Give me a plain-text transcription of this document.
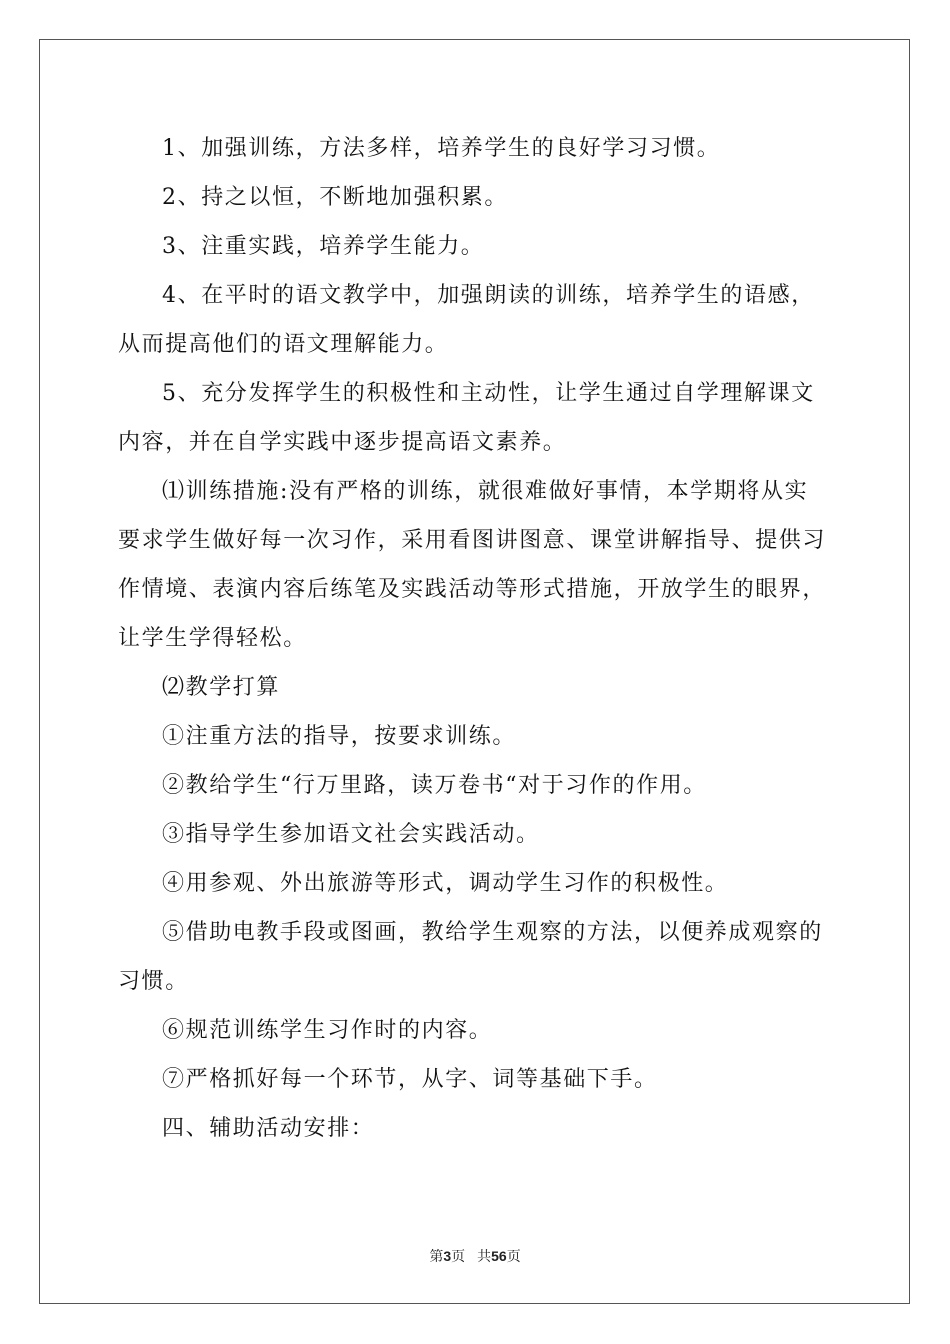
1、加强训练，方法多样，培养学生的良好学习习惯。

2、持之以恒，不断地加强积累。

3、注重实践，培养学生能力。

4、在平时的语文教学中，加强朗读的训练，培养学生的语感，
从而提高他们的语文理解能力。

5、充分发挥学生的积极性和主动性，让学生通过自学理解课文
内容，并在自学实践中逐步提高语文素养。

⑴训练措施:没有严格的训练，就很难做好事情，本学期将从实
要求学生做好每一次习作，采用看图讲图意、课堂讲解指导、提供习
作情境、表演内容后练笔及实践活动等形式措施，开放学生的眼界，
让学生学得轻松。

⑵教学打算

①注重方法的指导，按要求训练。

②教给学生“行万里路，读万卷书“对于习作的作用。

③指导学生参加语文社会实践活动。

④用参观、外出旅游等形式，调动学生习作的积极性。

⑤借助电教手段或图画，教给学生观察的方法，以便养成观察的
习惯。

⑥规范训练学生习作时的内容。

⑦严格抓好每一个环节，从字、词等基础下手。

四、辅助活动安排：

第3页 共56页
